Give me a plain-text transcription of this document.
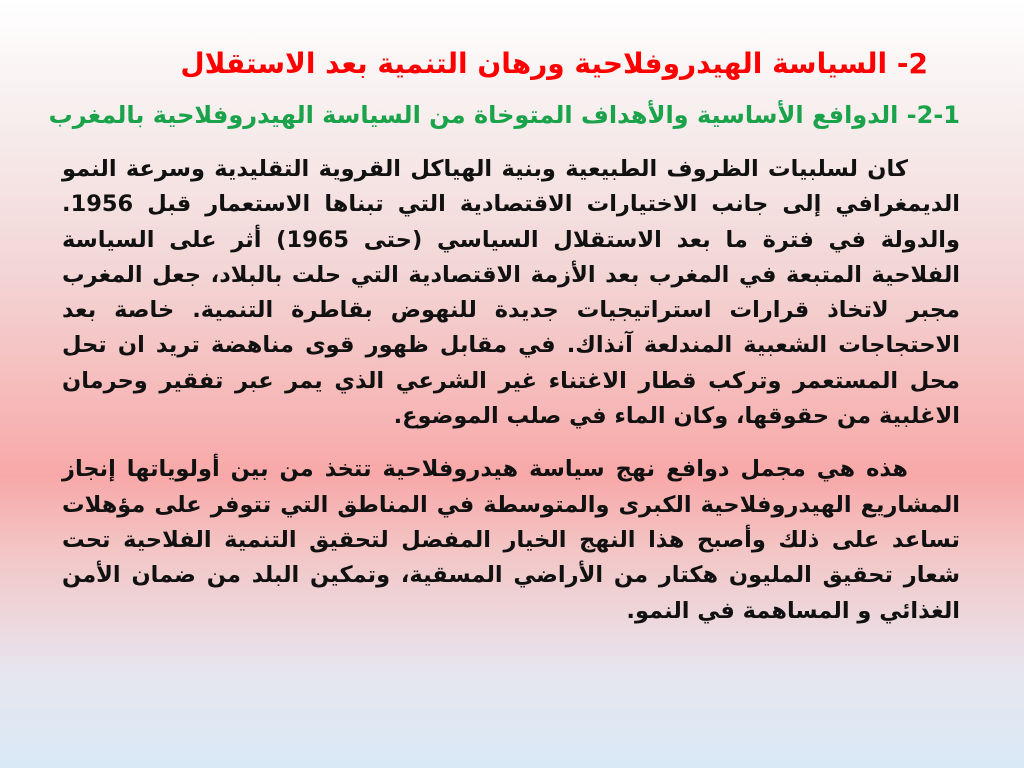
2- السياسة الهيدروفلاحية ورهان التنمية بعد الاستقلال
2-1- الدوافع الأساسية والأهداف المتوخاة من السياسة الهيدروفلاحية بالمغرب

كان لسلبيات الظروف الطبيعية وبنية الهياكل القروية التقليدية وسرعة النمو الديمغرافي إلى جانب الاختيارات الاقتصادية التي تبناها الاستعمار قبل 1956. والدولة في فترة ما بعد الاستقلال السياسي (حتى 1965) أثر على السياسة الفلاحية المتبعة في المغرب بعد الأزمة الاقتصادية التي حلت بالبلاد، جعل المغرب مجبر لاتخاذ قرارات استراتيجيات جديدة للنهوض بقاطرة التنمية. خاصة بعد الاحتجاجات الشعبية المندلعة آنذاك. في مقابل ظهور قوى مناهضة تريد ان تحل محل المستعمر وتركب قطار الاغتناء غير الشرعي الذي يمر عبر تفقير وحرمان الاغلبية من حقوقها، وكان الماء في صلب الموضوع.

هذه هي مجمل دوافع نهج سياسة هيدروفلاحية تتخذ من بين أولوياتها إنجاز المشاريع الهيدروفلاحية الكبرى والمتوسطة في المناطق التي تتوفر على مؤهلات تساعد على ذلك وأصبح هذا النهج الخيار المفضل لتحقيق التنمية الفلاحية تحت شعار تحقيق المليون هكتار من الأراضي المسقية، وتمكين البلد من ضمان الأمن الغذائي و المساهمة في النمو.
